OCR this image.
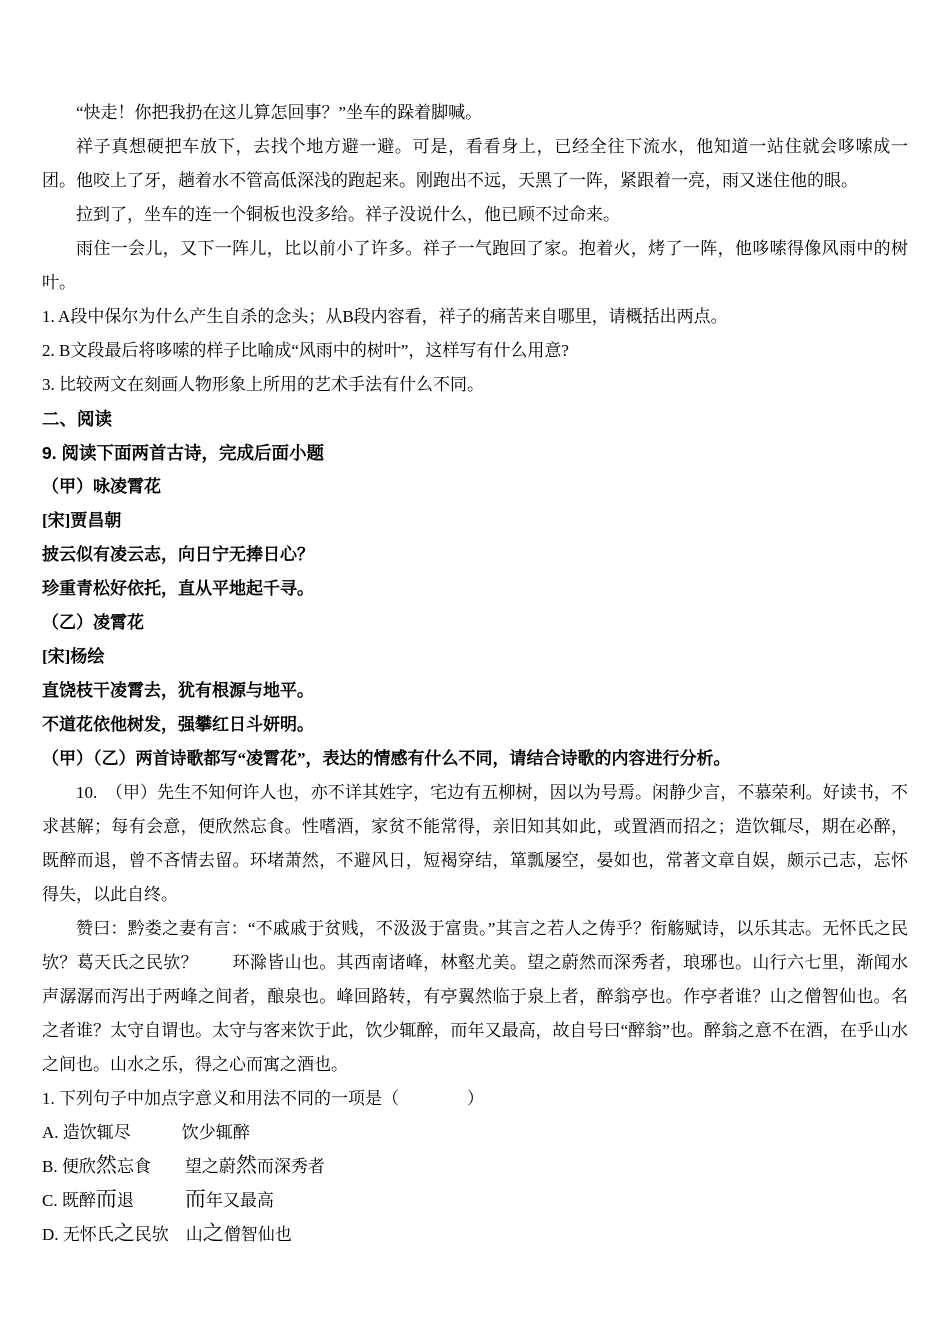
“快走！你把我扔在这儿算怎回事？”坐车的跺着脚喊。

祥子真想硬把车放下，去找个地方避一避。可是，看看身上，已经全往下流水，他知道一站住就会哆嗦成一团。他咬上了牙，趟着水不管高低深浅的跑起来。刚跑出不远，天黑了一阵，紧跟着一亮，雨又迷住他的眼。

拉到了，坐车的连一个铜板也没多给。祥子没说什么，他已顾不过命来。

雨住一会儿，又下一阵儿，比以前小了许多。祥子一气跑回了家。抱着火，烤了一阵，他哆嗦得像风雨中的树叶。

1. A段中保尔为什么产生自杀的念头；从B段内容看，祥子的痛苦来自哪里，请概括出两点。

2. B文段最后将哆嗦的样子比喻成“风雨中的树叶”，这样写有什么用意?

3. 比较两文在刻画人物形象上所用的艺术手法有什么不同。

二、阅读

9. 阅读下面两首古诗，完成后面小题

（甲）咏凌霄花

[宋]贾昌朝

披云似有凌云志，向日宁无捧日心？

珍重青松好依托，直从平地起千寻。

（乙）凌霄花

[宋]杨绘

直饶枝干凌霄去，犹有根源与地平。

不道花依他树发，强攀红日斗妍明。

（甲）（乙）两首诗歌都写“凌霄花”，表达的情感有什么不同，请结合诗歌的内容进行分析。

10.　（甲）先生不知何许人也，亦不详其姓字，宅边有五柳树，因以为号焉。闲静少言，不慕荣利。好读书，不求甚解；每有会意，便欣然忘食。性嗜酒，家贫不能常得，亲旧知其如此，或置酒而招之；造饮辄尽，期在必醉，既醉而退，曾不吝情去留。环堵萧然，不避风日，短褐穿结，箪瓢屡空，晏如也，常著文章自娱，颇示己志，忘怀得失，以此自终。

赞曰：黔娄之妻有言：“不戚戚于贫贱，不汲汲于富贵。”其言之若人之俦乎？衔觞赋诗，以乐其志。无怀氏之民欤？葛天氏之民欤？　　环滁皆山也。其西南诸峰，林壑尤美。望之蔚然而深秀者，琅琊也。山行六七里，渐闻水声潺潺而泻出于两峰之间者，酿泉也。峰回路转，有亭翼然临于泉上者，醉翁亭也。作亭者谁？山之僧智仙也。名之者谁？太守自谓也。太守与客来饮于此，饮少辄醉，而年又最高，故自号曰“醉翁”也。醉翁之意不在酒，在乎山水之间也。山水之乐，得之心而寓之酒也。

1. 下列句子中加点字意义和用法不同的一项是（　　　　）

A. 造饮辄尽　　　饮少辄醉

B. 便欣然忘食　　望之蔚然而深秀者

C. 既醉而退　　　而年又最高

D. 无怀氏之民欤　山之僧智仙也
